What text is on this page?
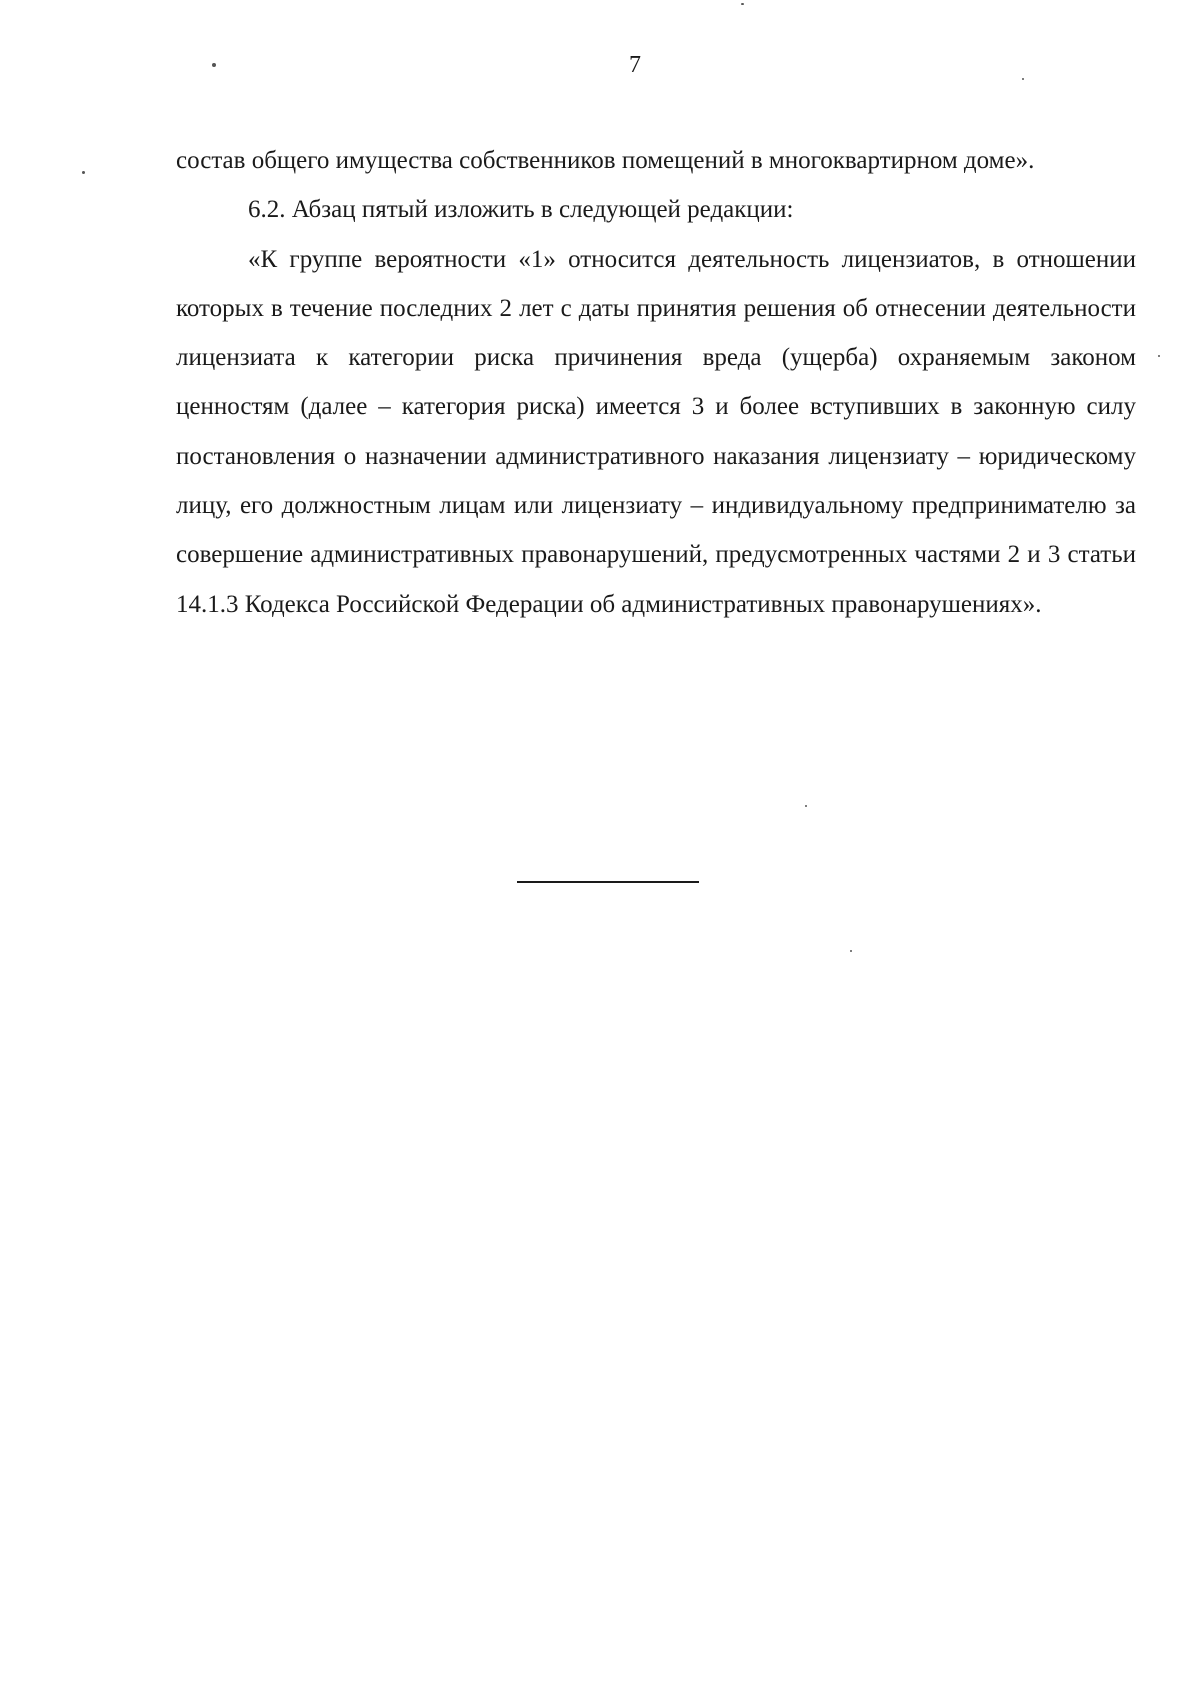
7

состав общего имущества собственников помещений в многоквартирном доме».

6.2. Абзац пятый изложить в следующей редакции:

«К группе вероятности «1» относится деятельность лицензиатов, в отношении которых в течение последних 2 лет с даты принятия решения об отнесении деятельности лицензиата к категории риска причинения вреда (ущерба) охраняемым законом ценностям (далее – категория риска) имеется 3 и более вступивших в законную силу постановления о назначении административного наказания лицензиату – юридическому лицу, его должностным лицам или лицензиату – индивидуальному предпринимателю за совершение административных правонарушений, предусмотренных частями 2 и 3 статьи 14.1.3 Кодекса Российской Федерации об административных правонарушениях».
